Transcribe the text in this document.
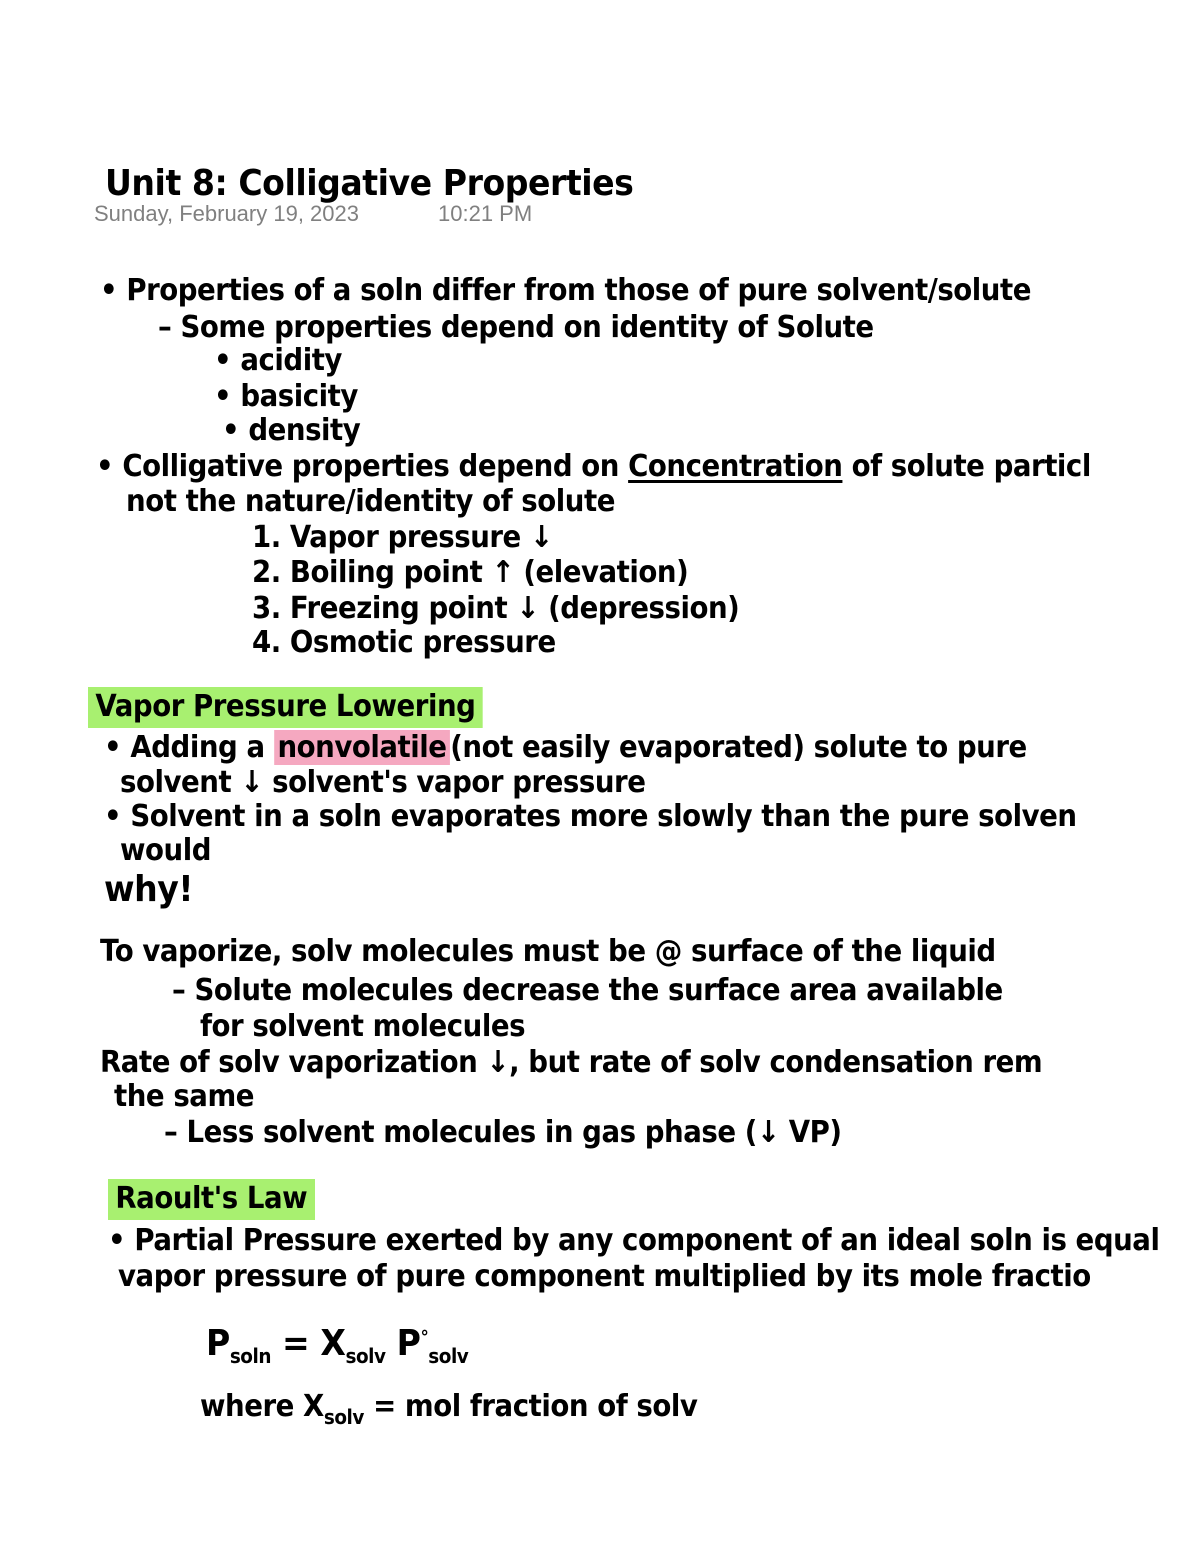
Unit 8: Colligative Properties
Sunday, February 19, 2023	10:21 PM
• Properties of a soln differ from those of pure solvent/solute
– Some properties depend on identity of Solute
• acidity
• basicity
• density
• Colligative properties depend on Concentration of solute particl
not the nature/identity of solute
1. Vapor pressure ↓
2. Boiling point ↑ (elevation)
3. Freezing point ↓ (depression)
4. Osmotic pressure
Vapor Pressure Lowering
• Adding a nonvolatile (not easily evaporated) solute to pure
solvent ↓ solvent's vapor pressure
• Solvent in a soln evaporates more slowly than the pure solven
would
why!
To vaporize, solv molecules must be @ surface of the liquid
– Solute molecules decrease the surface area available
for solvent molecules
Rate of solv vaporization ↓, but rate of solv condensation rem
the same
– Less solvent molecules in gas phase (↓ VP)
Raoult's Law
• Partial Pressure exerted by any component of an ideal soln is equal
vapor pressure of pure component multiplied by its mole fractio
$P_{soln} = X_{solv}$ $P^\circ_{solv}$
where $X_{solv}$ = mol fraction of solv
